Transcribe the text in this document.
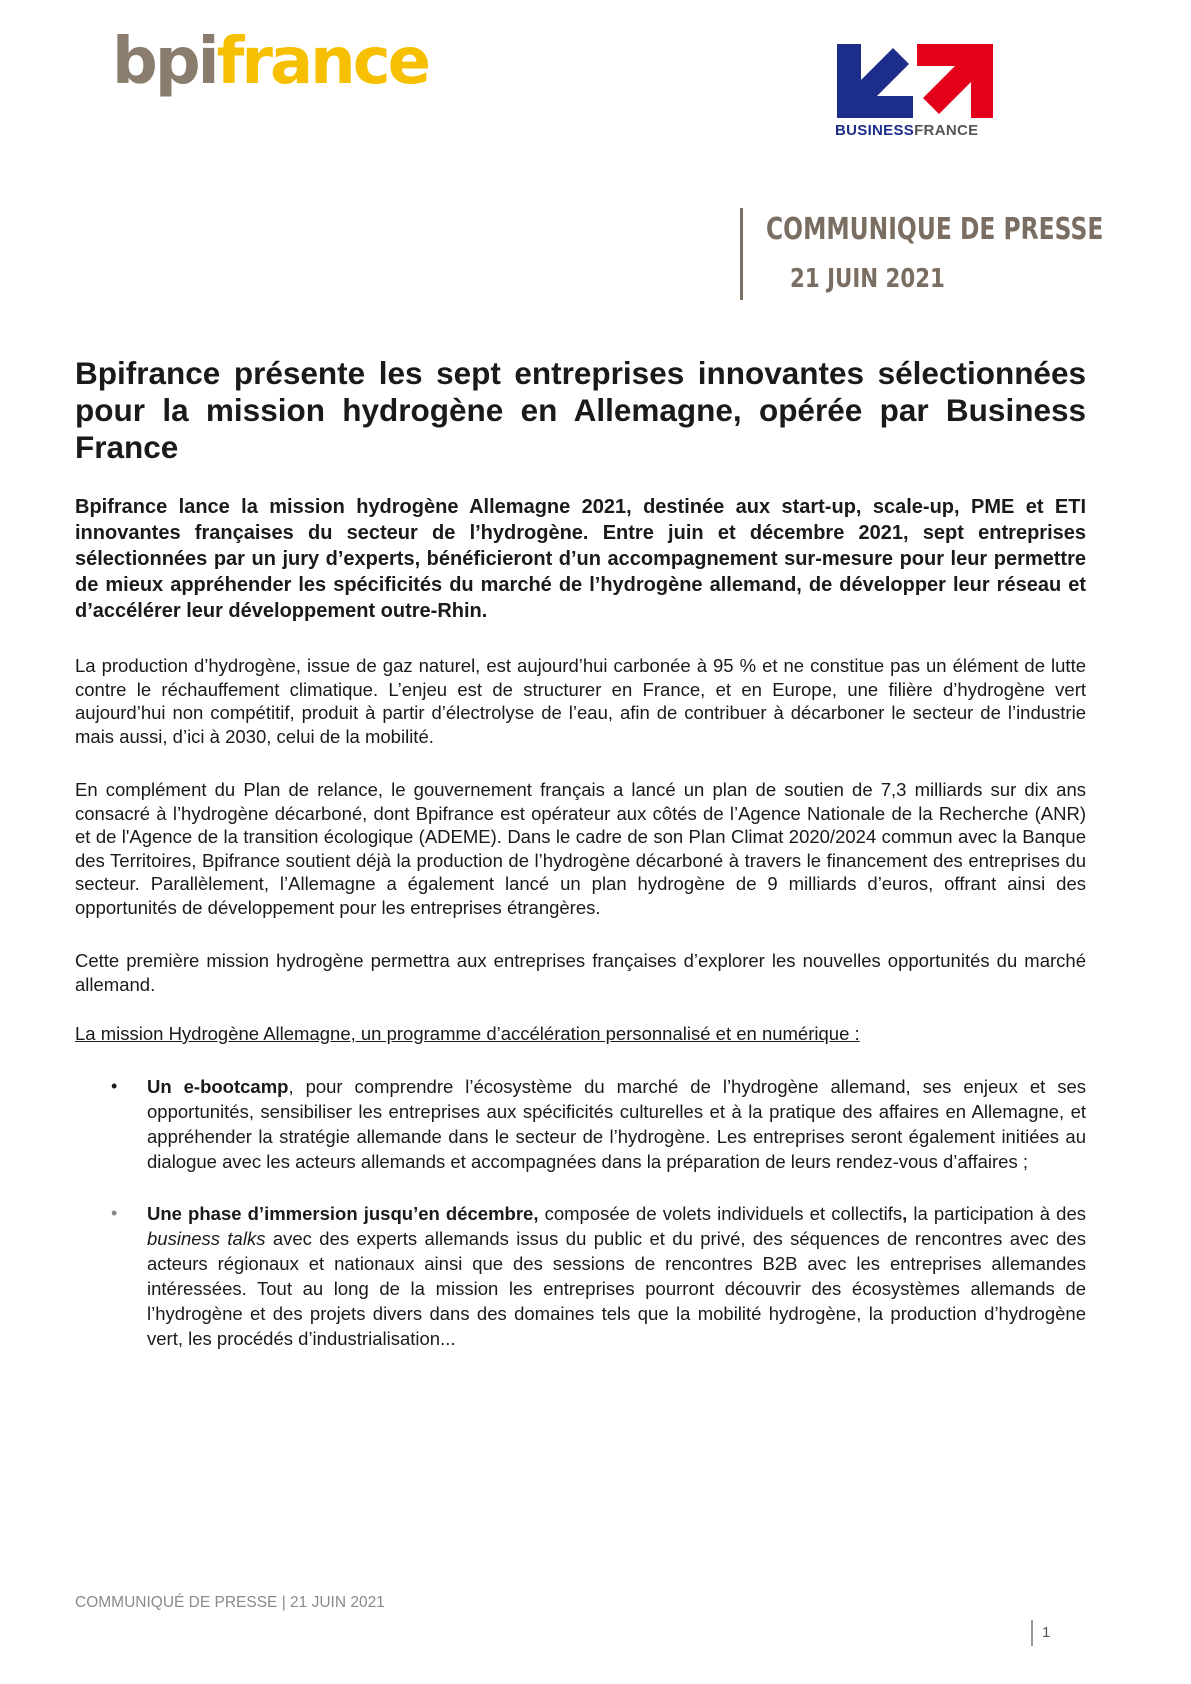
bpifrance
BUSINESSFRANCE
COMMUNIQUE DE PRESSE
21 JUIN 2021
Bpifrance présente les sept entreprises innovantes sélectionnées pour la mission hydrogène en Allemagne, opérée par Business France

Bpifrance lance la mission hydrogène Allemagne 2021, destinée aux start-up, scale-up, PME et ETI innovantes françaises du secteur de l’hydrogène. Entre juin et décembre 2021, sept entreprises sélectionnées par un jury d’experts, bénéficieront d’un accompagnement sur-mesure pour leur permettre de mieux appréhender les spécificités du marché de l’hydrogène allemand, de développer leur réseau et d’accélérer leur développement outre-Rhin.

La production d’hydrogène, issue de gaz naturel, est aujourd’hui carbonée à 95 % et ne constitue pas un élément de lutte contre le réchauffement climatique. L’enjeu est de structurer en France, et en Europe, une filière d’hydrogène vert aujourd’hui non compétitif, produit à partir d’électrolyse de l’eau, afin de contribuer à décarboner le secteur de l’industrie mais aussi, d’ici à 2030, celui de la mobilité.

En complément du Plan de relance, le gouvernement français a lancé un plan de soutien de 7,3 milliards sur dix ans consacré à l’hydrogène décarboné, dont Bpifrance est opérateur aux côtés de l’Agence Nationale de la Recherche (ANR) et de l'Agence de la transition écologique (ADEME). Dans le cadre de son Plan Climat 2020/2024 commun avec la Banque des Territoires, Bpifrance soutient déjà la production de l’hydrogène décarboné à travers le financement des entreprises du secteur. Parallèlement, l’Allemagne a également lancé un plan hydrogène de 9 milliards d’euros, offrant ainsi des opportunités de développement pour les entreprises étrangères.

Cette première mission hydrogène permettra aux entreprises françaises d’explorer les nouvelles opportunités du marché allemand.

La mission Hydrogène Allemagne, un programme d’accélération personnalisé et en numérique :

• Un e-bootcamp, pour comprendre l’écosystème du marché de l’hydrogène allemand, ses enjeux et ses opportunités, sensibiliser les entreprises aux spécificités culturelles et à la pratique des affaires en Allemagne, et appréhender la stratégie allemande dans le secteur de l’hydrogène. Les entreprises seront également initiées au dialogue avec les acteurs allemands et accompagnées dans la préparation de leurs rendez-vous d’affaires ;
• Une phase d’immersion jusqu’en décembre, composée de volets individuels et collectifs, la participation à des business talks avec des experts allemands issus du public et du privé, des séquences de rencontres avec des acteurs régionaux et nationaux ainsi que des sessions de rencontres B2B avec les entreprises allemandes intéressées. Tout au long de la mission les entreprises pourront découvrir des écosystèmes allemands de l’hydrogène et des projets divers dans des domaines tels que la mobilité hydrogène, la production d’hydrogène vert, les procédés d’industrialisation...
COMMUNIQUÉ DE PRESSE | 21 JUIN 2021
1
